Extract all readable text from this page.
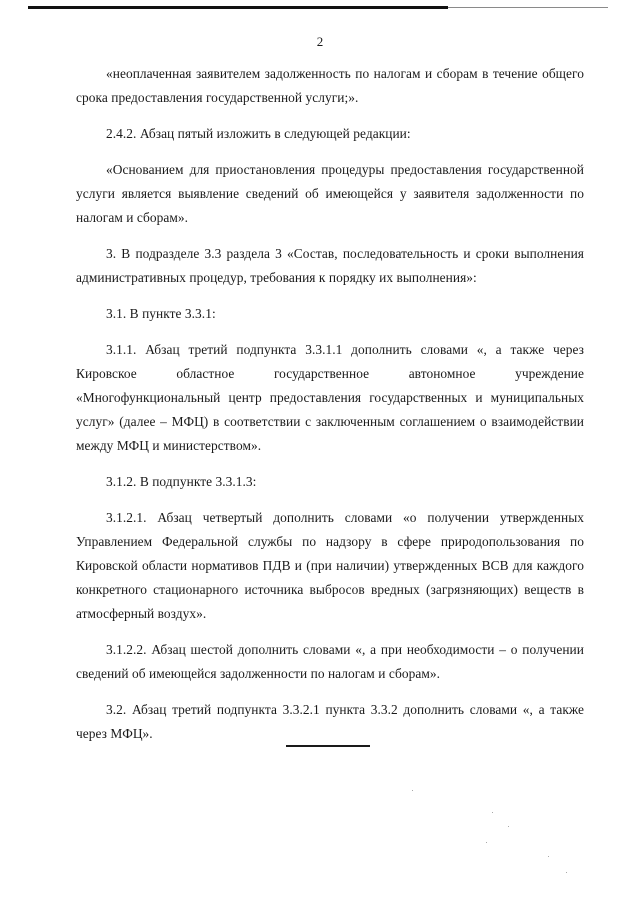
2

«неоплаченная заявителем задолженность по налогам и сборам в течение общего срока предоставления государственной услуги;».

2.4.2. Абзац пятый изложить в следующей редакции:

«Основанием для приостановления процедуры предоставления государственной услуги является выявление сведений об имеющейся у заявителя задолженности по налогам и сборам».

3. В подразделе 3.3 раздела 3 «Состав, последовательность и сроки выполнения административных процедур, требования к порядку их выполнения»:

3.1. В пункте 3.3.1:

3.1.1. Абзац третий подпункта 3.3.1.1 дополнить словами «, а также через Кировское областное государственное автономное учреждение «Многофункциональный центр предоставления государственных и муниципальных услуг» (далее – МФЦ) в соответствии с заключенным соглашением о взаимодействии между МФЦ и министерством».

3.1.2. В подпункте 3.3.1.3:

3.1.2.1. Абзац четвертый дополнить словами «о получении утвержденных Управлением Федеральной службы по надзору в сфере природопользования по Кировской области нормативов ПДВ и (при наличии) утвержденных ВСВ для каждого конкретного стационарного источника выбросов вредных (загрязняющих) веществ в атмосферный воздух».

3.1.2.2. Абзац шестой дополнить словами «, а при необходимости – о получении сведений об имеющейся задолженности по налогам и сборам».

3.2. Абзац третий подпункта 3.3.2.1 пункта 3.3.2 дополнить словами «, а также через МФЦ».
